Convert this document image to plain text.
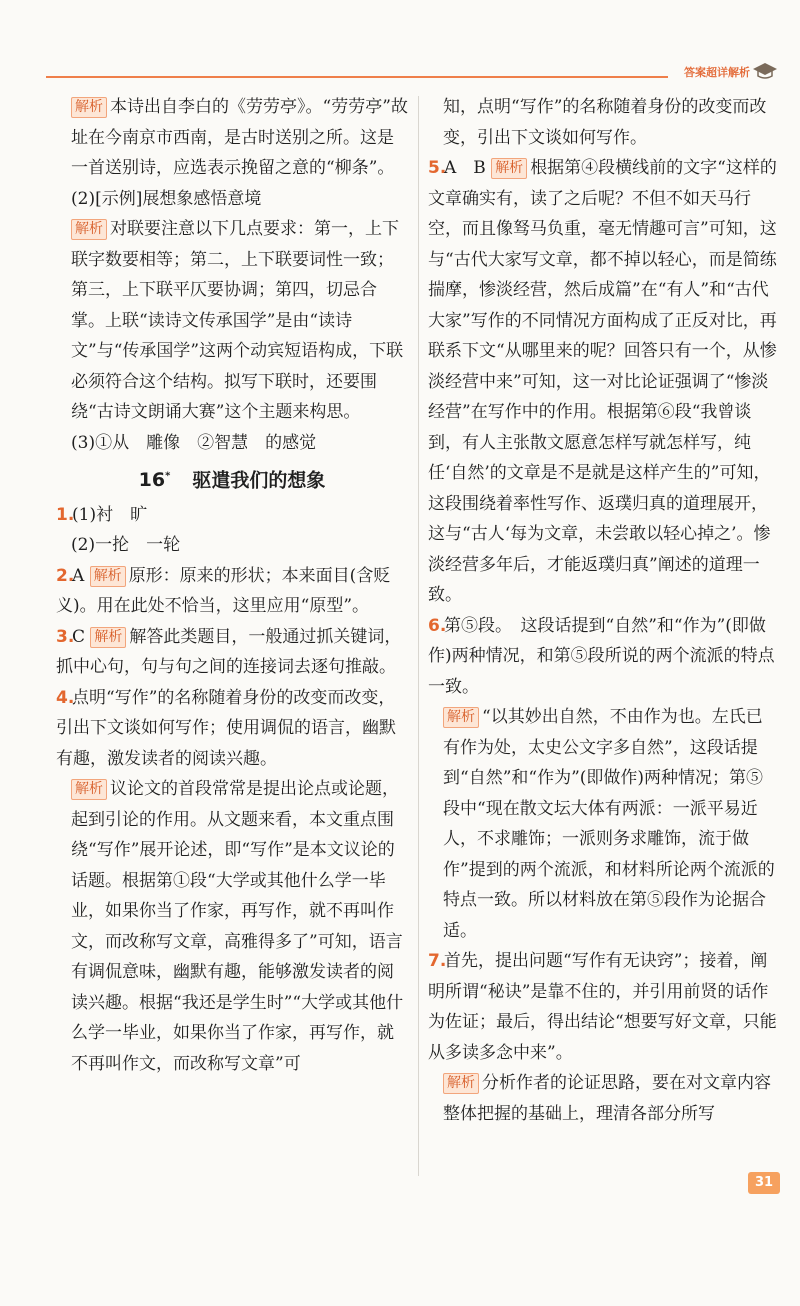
答案超详解析

解析 本诗出自李白的《劳劳亭》。“劳劳亭”故址在今南京市西南，是古时送别之所。这是一首送别诗，应选表示挽留之意的“柳条”。

(2)[示例]展想象感悟意境

解析 对联要注意以下几点要求：第一，上下联字数要相等；第二，上下联要词性一致；第三，上下联平仄要协调；第四，切忌合掌。上联“读诗文传承国学”是由“读诗文”与“传承国学”这两个动宾短语构成，下联必须符合这个结构。拟写下联时，还要围绕“古诗文朗诵大赛”这个主题来构思。

(3)①从　雕像　②智慧　的感觉

16* 驱遣我们的想象

1.(1)衬　旷

(2)一抡　一轮

2.A 解析 原形：原来的形状；本来面目(含贬义)。用在此处不恰当，这里应用“原型”。

3.C 解析 解答此类题目，一般通过抓关键词，抓中心句，句与句之间的连接词去逐句推敲。

4.点明“写作”的名称随着身份的改变而改变，引出下文谈如何写作；使用调侃的语言，幽默有趣，激发读者的阅读兴趣。

解析 议论文的首段常常是提出论点或论题，起到引论的作用。从文题来看，本文重点围绕“写作”展开论述，即“写作”是本文议论的话题。根据第①段“大学或其他什么学一毕业，如果你当了作家，再写作，就不再叫作文，而改称写文章，高雅得多了”可知，语言有调侃意味，幽默有趣，能够激发读者的阅读兴趣。根据“我还是学生时”“大学或其他什么学一毕业，如果你当了作家，再写作，就不再叫作文，而改称写文章”可

知，点明“写作”的名称随着身份的改变而改变，引出下文谈如何写作。

5.A　B 解析 根据第④段横线前的文字“这样的文章确实有，读了之后呢？不但不如天马行空，而且像驽马负重，毫无情趣可言”可知，这与“古代大家写文章，都不掉以轻心，而是简练揣摩，惨淡经营，然后成篇”在“有人”和“古代大家”写作的不同情况方面构成了正反对比，再联系下文“从哪里来的呢？回答只有一个，从惨淡经营中来”可知，这一对比论证强调了“惨淡经营”在写作中的作用。根据第⑥段“我曾谈到，有人主张散文愿意怎样写就怎样写，纯任‘自然’的文章是不是就是这样产生的”可知，这段围绕着率性写作、返璞归真的道理展开，这与“古人‘每为文章，未尝敢以轻心掉之’。惨淡经营多年后，才能返璞归真”阐述的道理一致。

6.第⑤段。　这段话提到“自然”和“作为”(即做作)两种情况，和第⑤段所说的两个流派的特点一致。

解析 “以其妙出自然，不由作为也。左氏已有作为处，太史公文字多自然”，这段话提到“自然”和“作为”(即做作)两种情况；第⑤段中“现在散文坛大体有两派：一派平易近人，不求雕饰；一派则务求雕饰，流于做作”提到的两个流派，和材料所论两个流派的特点一致。所以材料放在第⑤段作为论据合适。

7.首先，提出问题“写作有无诀窍”；接着，阐明所谓“秘诀”是靠不住的，并引用前贤的话作为佐证；最后，得出结论“想要写好文章，只能从多读多念中来”。

解析 分析作者的论证思路，要在对文章内容整体把握的基础上，理清各部分所写

31
